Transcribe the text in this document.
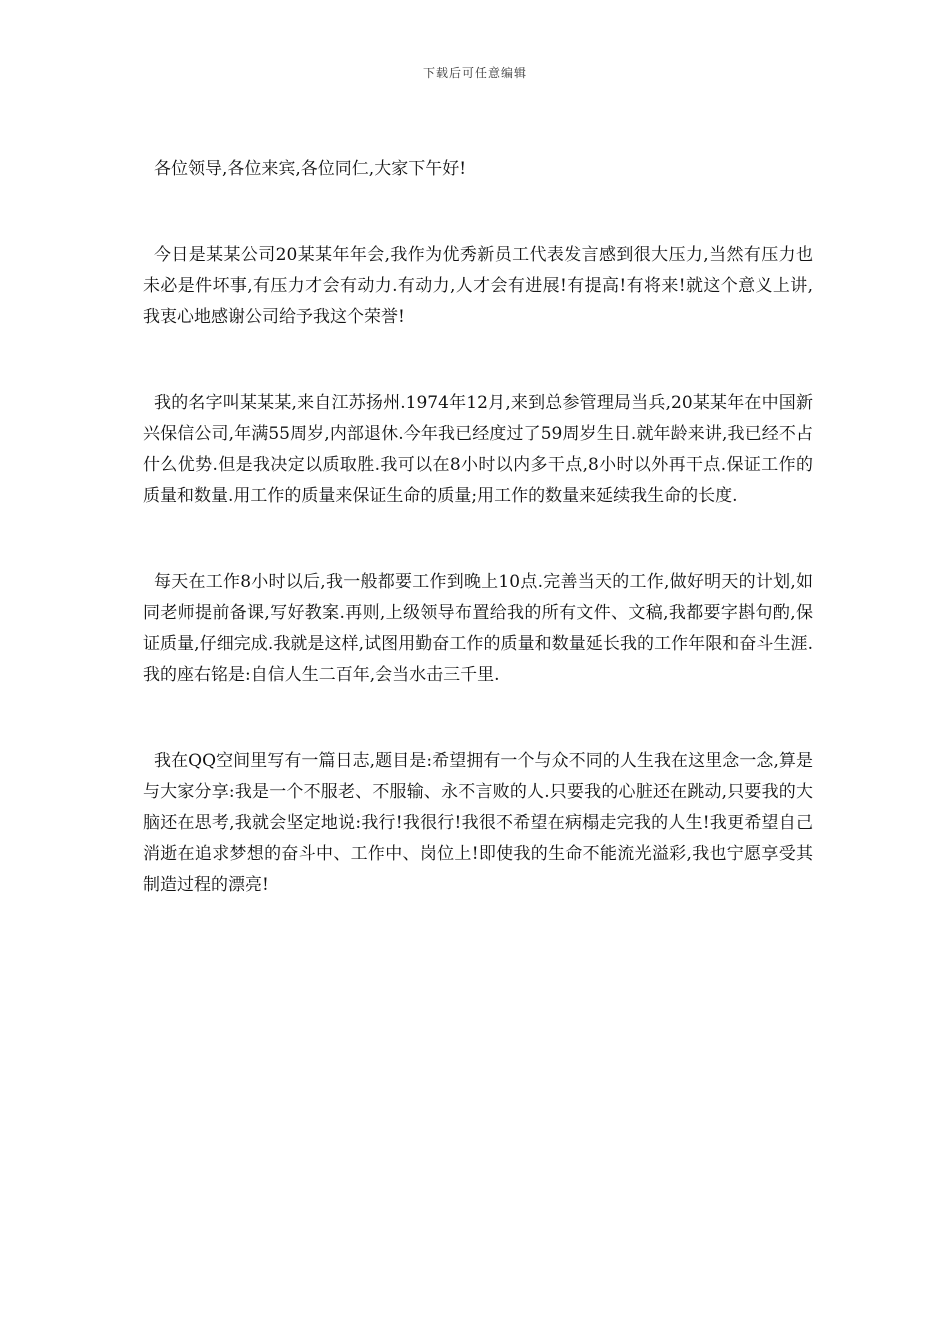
下载后可任意编辑

各位领导,各位来宾,各位同仁,大家下午好!

今日是某某公司20某某年年会,我作为优秀新员工代表发言感到很大压力,当然有压力也未必是件坏事,有压力才会有动力.有动力,人才会有进展!有提高!有将来!就这个意义上讲,我衷心地感谢公司给予我这个荣誉!

我的名字叫某某某,来自江苏扬州.1974年12月,来到总参管理局当兵,20某某年在中国新兴保信公司,年满55周岁,内部退休.今年我已经度过了59周岁生日.就年龄来讲,我已经不占什么优势.但是我决定以质取胜.我可以在8小时以内多干点,8小时以外再干点.保证工作的质量和数量.用工作的质量来保证生命的质量;用工作的数量来延续我生命的长度.

每天在工作8小时以后,我一般都要工作到晚上10点.完善当天的工作,做好明天的计划,如同老师提前备课,写好教案.再则,上级领导布置给我的所有文件、文稿,我都要字斟句酌,保证质量,仔细完成.我就是这样,试图用勤奋工作的质量和数量延长我的工作年限和奋斗生涯.我的座右铭是:自信人生二百年,会当水击三千里.

我在QQ空间里写有一篇日志,题目是:希望拥有一个与众不同的人生我在这里念一念,算是与大家分享:我是一个不服老、不服输、永不言败的人.只要我的心脏还在跳动,只要我的大脑还在思考,我就会坚定地说:我行!我很行!我很不希望在病榻走完我的人生!我更希望自己消逝在追求梦想的奋斗中、工作中、岗位上!即使我的生命不能流光溢彩,我也宁愿享受其制造过程的漂亮!
